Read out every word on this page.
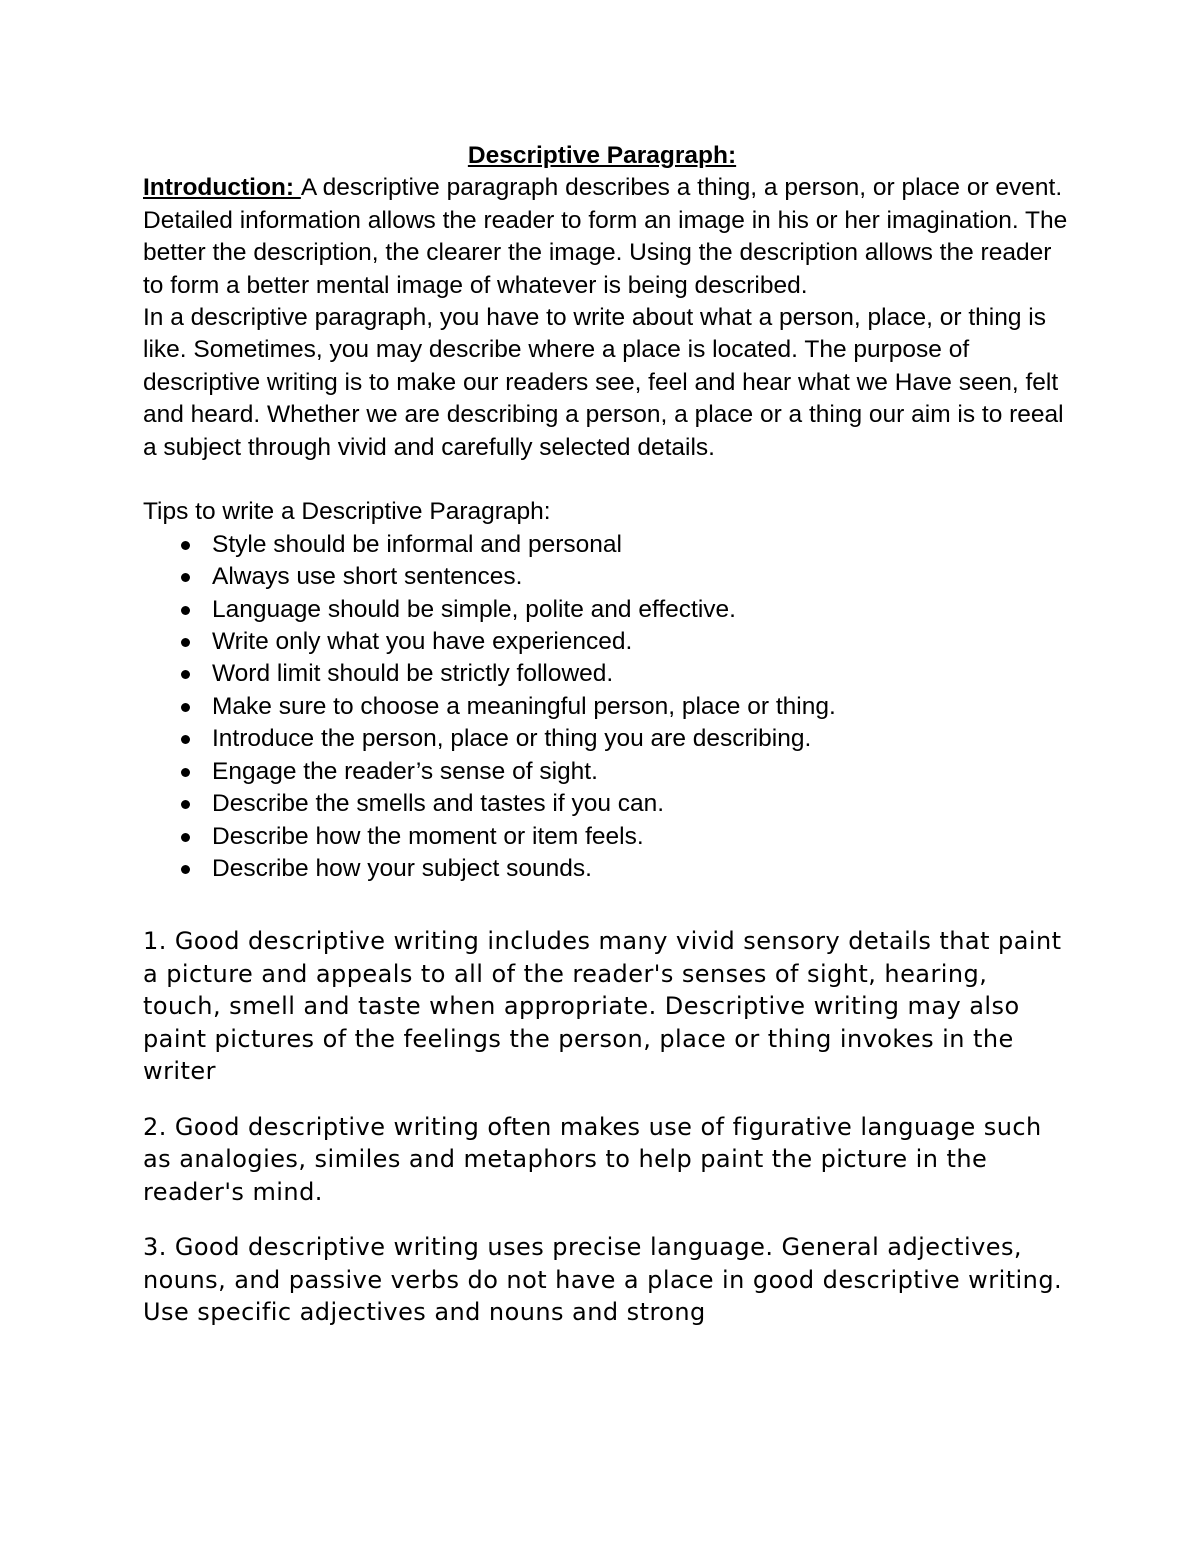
Descriptive Paragraph:

Introduction: A descriptive paragraph describes a thing, a person, or place or event. Detailed information allows the reader to form an image in his or her imagination. The better the description, the clearer the image. Using the description allows the reader to form a better mental image of whatever is being described.

In a descriptive paragraph, you have to write about what a person, place, or thing is like. Sometimes, you may describe where a place is located. The purpose of descriptive writing is to make our readers see, feel and hear what we Have seen, felt and heard. Whether we are describing a person, a place or a thing our aim is to reeal a subject through vivid and carefully selected details.

Tips to write a Descriptive Paragraph:

Style should be informal and personal
Always use short sentences.
Language should be simple, polite and effective.
Write only what you have experienced.
Word limit should be strictly followed.
Make sure to choose a meaningful person, place or thing.
Introduce the person, place or thing you are describing.
Engage the reader’s sense of sight.
Describe the smells and tastes if you can.
Describe how the moment or item feels.
Describe how your subject sounds.

1. Good descriptive writing includes many vivid sensory details that paint a picture and appeals to all of the reader's senses of sight, hearing, touch, smell and taste when appropriate. Descriptive writing may also paint pictures of the feelings the person, place or thing invokes in the writer

2. Good descriptive writing often makes use of figurative language such as analogies, similes and metaphors to help paint the picture in the reader's mind.

3. Good descriptive writing uses precise language. General adjectives, nouns, and passive verbs do not have a place in good descriptive writing. Use specific adjectives and nouns and strong
